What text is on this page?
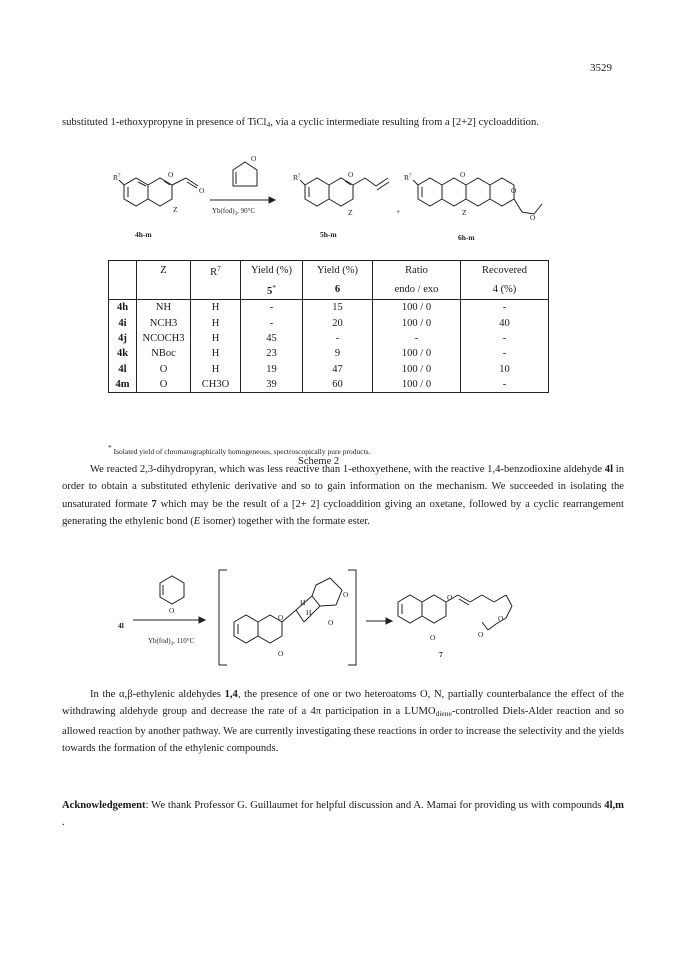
3529

substituted 1-ethoxypropyne in presence of TiCl$_4$, via a cyclic intermediate resulting from a [2+2] cycloaddition.

R 7	O
O
Z
O
R 7	O
Z	+
R 7	O
O
Z
O
$Yb(fod)_3$, 90°C
4h-m	5h-m	6h-m
	Z	$R^7$	Yield (%)	Yield (%)	Ratio	Recovered
			5*	6	endo / exo	4 (%)
4h	NH	H	-	15	100 / 0	-
4i	NCH3	H	-	20	100 / 0	40
4j	NCOCH3	H	45	-	-	-
4k	NBoc	H	23	9	100 / 0	-
4l	O	H	19	47	100 / 0	10
4m	O	CH3O	39	60	100 / 0	-
* Isolated yield of chromatographically homogeneous, spectroscopically pure products.
Scheme 2

We reacted 2,3-dihydropyran, which was less reactive than 1-ethoxyethene, with the reactive 1,4-benzodioxine aldehyde 4l in order to obtain a substituted ethylenic derivative and so to gain information on the mechanism. We succeeded in isolating the unsaturated formate 7 which may be the result of a [2+ 2] cycloaddition giving an oxetane, followed by a cyclic rearrangement generating the ethylenic bond (E isomer) together with the formate ester.

O
4l
$Yb(fod)_3$, 110°C
O
O
O
O
H
H
O
O	O
O
7

In the α,β-ethylenic aldehydes 1,4, the presence of one or two heteroatoms O, N, partially counterbalance the effect of the withdrawing aldehyde group and decrease the rate of a 4π participation in a $LUMO_{diene}$-controlled Diels-Alder reaction and so allowed reaction by another pathway. We are currently investigating these reactions in order to increase the selectivity and the yields towards the formation of the ethylenic compounds.

Acknowledgement: We thank Professor G. Guillaumet for helpful discussion and A. Mamai for providing us with compounds 4l,m .
